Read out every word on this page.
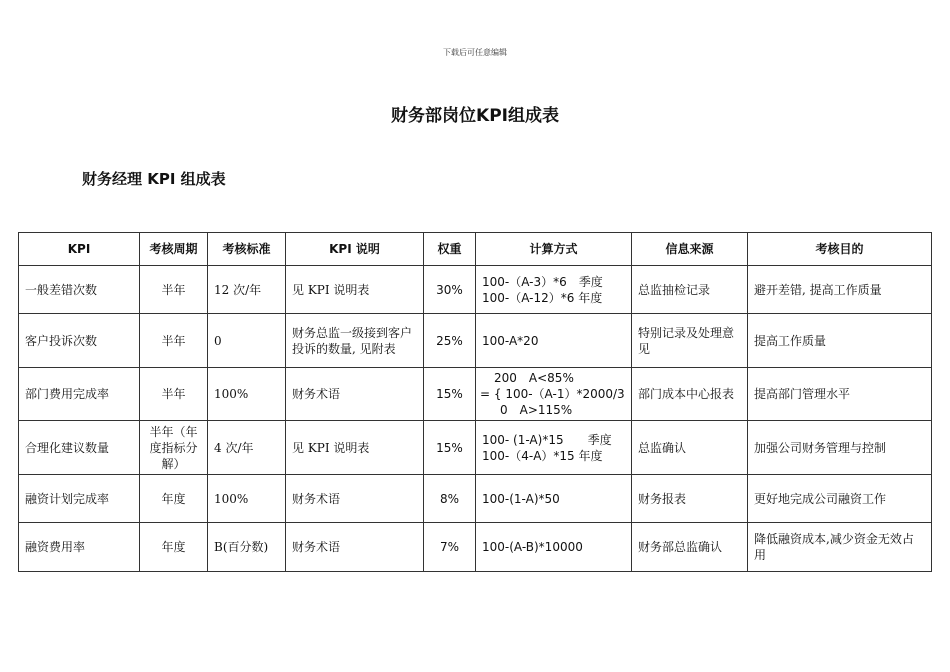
下载后可任意编辑
财务部岗位KPI组成表
财务经理 KPI 组成表
KPI	考核周期	考核标准	KPI 说明	权重	计算方式	信息来源	考核目的
一般差错次数	半年	12 次/年	见 KPI 说明表	30%	100-（A-3）*6　季度
100-（A-12）*6 年度	总监抽检记录	避开差错, 提高工作质量
客户投诉次数	半年	0	财务总监一级接到客户投诉的数量, 见附表	25%	100-A*20	特别记录及处理意见	提高工作质量
部门费用完成率	半年	100%	财务术语	15%	200　A<85%
= { 100-（A-1）*2000/3
0　A>115%	部门成本中心报表	提高部门管理水平
合理化建议数量	半年（年度指标分解）	4 次/年	见 KPI 说明表	15%	100- (1-A)*15　　季度
100-（4-A）*15 年度	总监确认	加强公司财务管理与控制
融资计划完成率	年度	100%	财务术语	8%	100-(1-A)*50	财务报表	更好地完成公司融资工作
融资费用率	年度	B(百分数)	财务术语	7%	100-(A-B)*10000	财务部总监确认	降低融资成本,减少资金无效占用
